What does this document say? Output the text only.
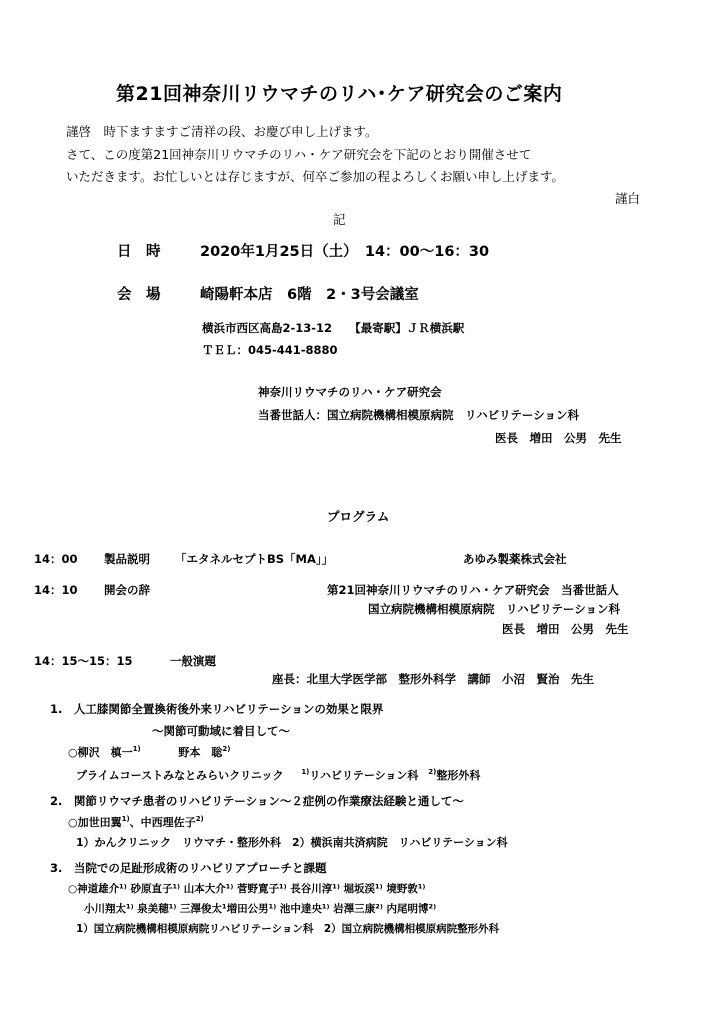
第21回神奈川リウマチのリハ･ケア研究会のご案内
謹啓　時下ますますご清祥の段、お慶び申し上げます。
さて、この度第21回神奈川リウマチのリハ・ケア研究会を下記のとおり開催させて
いただきます。お忙しいとは存じますが、何卒ご参加の程よろしくお願い申し上げます。
謹白
記
日　時	2020年1月25日（土）　14：00～16：30
会　場	崎陽軒本店　6階　2・3号会議室
横浜市西区高島2-13-12　　【最寄駅】ＪＲ横浜駅
ＴＥＬ：045-441-8880
神奈川リウマチのリハ・ケア研究会
当番世話人：国立病院機構相模原病院　リハビリテーション科
医長　増田　公男　先生
プログラム
14：00 製品説明 「エタネルセプトBS「MA」」	あゆみ製薬株式会社
14：10 開会の辞	第21回神奈川リウマチのリハ・ケア研究会　当番世話人
国立病院機構相模原病院　リハビリテーション科
医長　増田　公男　先生
14：15～15：15	一般演題
座長：北里大学医学部　整形外科学　講師　小沼　賢治　先生
1.　人工膝関節全置換術後外来リハビリテーションの効果と限界
～関節可動域に着目して～
○柳沢　槙一$^{1)}$	野本　聡$^{2)}$
プライムコーストみなとみらいクリニック	$^{1)}$リハビリテーション科 $^{2)}$整形外科
2.　関節リウマチ患者のリハビリテーション～２症例の作業療法経験と通して～
○加世田翼$^{1)}$、中西理佐子$^{2)}$
1）かんクリニック　リウマチ・整形外科　2）横浜南共済病院　リハビリテーション科
3.　当院での足趾形成術のリハビリアプローチと課題
○神道雄介¹⁾ 砂原直子¹⁾ 山本大介¹⁾ 菅野寛子¹⁾ 長谷川淳¹⁾ 堀坂渓¹⁾ 境野敦¹⁾
小川翔太¹⁾ 泉美穂¹⁾ 三澤俊太¹増田公男¹⁾ 池中達央¹⁾ 岩澤三康²⁾ 内尾明博²⁾
1）国立病院機構相模原病院リハビリテーション科　2）国立病院機構相模原病院整形外科
